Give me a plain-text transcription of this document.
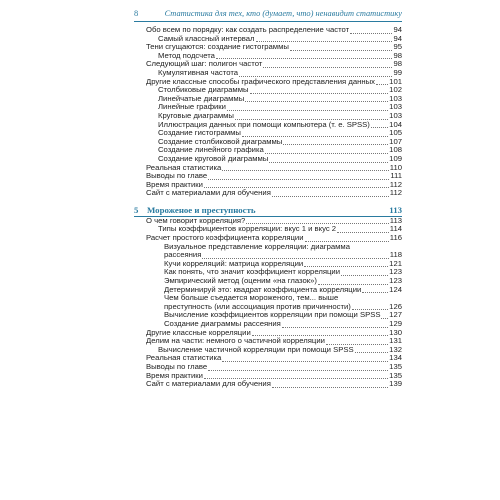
8	Статистика для тех, кто (думает, что) ненавидит статистику
Обо всем по порядку: как создать распределение частот	94
Самый классный интервал	94
Тени сгущаются: создание гистограммы	95
Метод подсчета	98
Следующий шаг: полигон частот	98
Кумулятивная частота	99
Другие классные способы графического представления данных	101
Столбиковые диаграммы	102
Линейчатые диаграммы	103
Линейные графики	103
Круговые диаграммы	103
Иллюстрация данных при помощи компьютера (т. е. SPSS)	104
Создание гистограммы	105
Создание столбиковой диаграммы	107
Создание линейного графика	108
Создание круговой диаграммы	109
Реальная статистика	110
Выводы по главе	111
Время практики	112
Сайт с материалами для обучения	112
5 Мороженое и преступность	113
О чем говорит корреляция?	113
Типы коэффициентов корреляции: вкус 1 и вкус 2	114
Расчет простого коэффициента корреляции	116
Визуальное представление корреляции: диаграмма рассеяния	118
Кучи корреляций: матрица корреляции	121
Как понять, что значит коэффициент корреляции	123
Эмпирический метод (оценим «на глазок»)	123
Детерминируй это: квадрат коэффициента корреляции	124
Чем больше съедается мороженого, тем... выше преступность (или ассоциация против причинности)	126
Вычисление коэффициентов корреляции при помощи SPSS	127
Создание диаграммы рассеяния	129
Другие классные корреляции	130
Делим на части: немного о частичной корреляции	131
Вычисление частичной корреляции при помощи SPSS	132
Реальная статистика	134
Выводы по главе	135
Время практики	135
Сайт с материалами для обучения	139
